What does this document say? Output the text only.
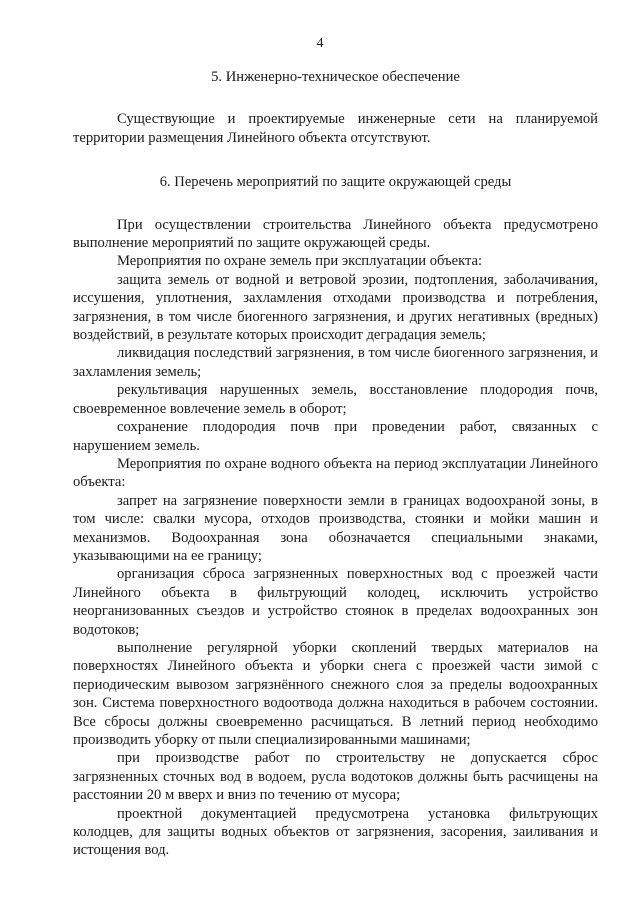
4
5. Инженерно-техническое обеспечение

Существующие и проектируемые инженерные сети на планируемой территории размещения Линейного объекта отсутствуют.

6. Перечень мероприятий по защите окружающей среды

При осуществлении строительства Линейного объекта предусмотрено выполнение мероприятий по защите окружающей среды.

Мероприятия по охране земель при эксплуатации объекта:

защита земель от водной и ветровой эрозии, подтопления, заболачивания, иссушения, уплотнения, захламления отходами производства и потребления, загрязнения, в том числе биогенного загрязнения, и других негативных (вредных) воздействий, в результате которых происходит деградация земель;

ликвидация последствий загрязнения, в том числе биогенного загрязнения, и захламления земель;

рекультивация нарушенных земель, восстановление плодородия почв, своевременное вовлечение земель в оборот;

сохранение плодородия почв при проведении работ, связанных с нарушением земель.

Мероприятия по охране водного объекта на период эксплуатации Линейного объекта:

запрет на загрязнение поверхности земли в границах водоохраной зоны, в том числе: свалки мусора, отходов производства, стоянки и мойки машин и механизмов. Водоохранная зона обозначается специальными знаками, указывающими на ее границу;

организация сброса загрязненных поверхностных вод с проезжей части Линейного объекта в фильтрующий колодец, исключить устройство неорганизованных съездов и устройство стоянок в пределах водоохранных зон водотоков;

выполнение регулярной уборки скоплений твердых материалов на поверхностях Линейного объекта и уборки снега с проезжей части зимой с периодическим вывозом загрязнённого снежного слоя за пределы водоохранных зон. Система поверхностного водоотвода должна находиться в рабочем состоянии. Все сбросы должны своевременно расчищаться. В летний период необходимо производить уборку от пыли специализированными машинами;

при производстве работ по строительству не допускается сброс загрязненных сточных вод в водоем, русла водотоков должны быть расчищены на расстоянии 20 м вверх и вниз по течению от мусора;

проектной документацией предусмотрена установка фильтрующих колодцев, для защиты водных объектов от загрязнения, засорения, заиливания и истощения вод.
